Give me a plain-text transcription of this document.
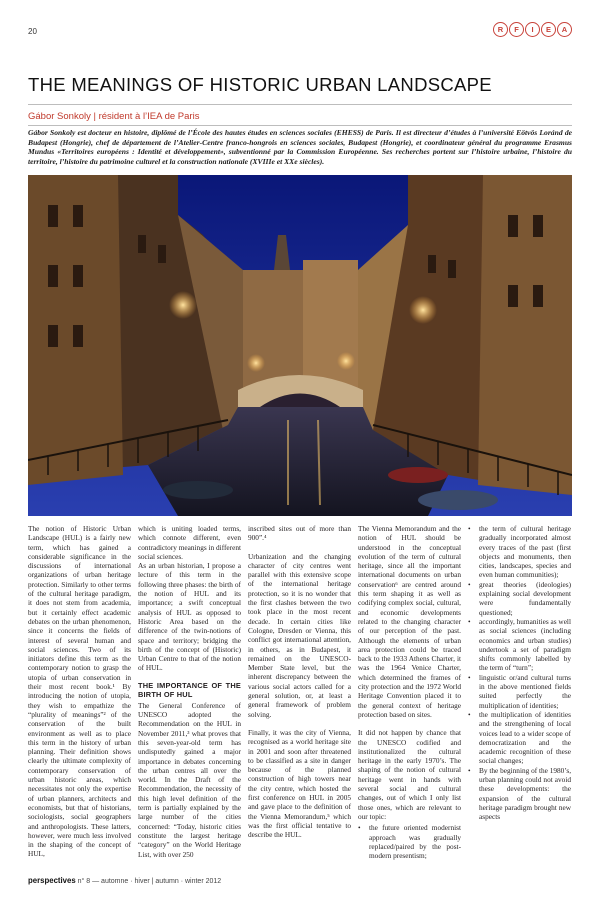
20	R	F	I	E	A
THE MEANINGS OF HISTORIC URBAN LANDSCAPE
Gábor Sonkoly | résident à l’IEA de Paris

Gábor Sonkoly est docteur en histoire, diplômé de l’École des hautes études en sciences sociales (EHESS) de Paris. Il est directeur d’études à l’université Eötvös Loránd de Budapest (Hongrie), chef de département de l’Atelier-Centre franco-hongrois en sciences sociales, Budapest (Hongrie), et coordinateur général du programme Erasmus Mundus «Territoires européens : Identité et développement», subventionné par la Commission Européenne. Ses recherches portent sur l’histoire urbaine, l’histoire du territoire, l’histoire du patrimoine culturel et la construction nationale (XVIIIe et XXe siècles).

The notion of Historic Urban Landscape (HUL) is a fairly new term, which has gained a considerable significance in the discussions of international organizations of urban heritage protection. Similarly to other terms of the cultural heritage paradigm, it does not stem from academia, but it certainly effect academic debates on the urban phenomenon, since it concerns the fields of interest of several human and social sciences. Two of its initiators define this term as the contemporary notion to grasp the utopia of urban conservation in their most recent book.¹ By introducing the notion of utopia, they wish to empathize the “plurality of meanings”² of the conservation of the built environment as well as to place this term in the history of urban planning. Their definition shows clearly the ultimate complexity of contemporary conservation of urban historic areas, which necessitates not only the expertise of urban planners, architects and economists, but that of historians, sociologists, social geographers and anthropologists. These latters, however, were much less involved in the shaping of the concept of HUL,

which is uniting loaded terms, which connote different, even contradictory meanings in different social sciences.

As an urban historian, I propose a lecture of this term in the following three phases: the birth of the notion of HUL and its importance; a swift conceptual analysis of HUL as opposed to Historic Area based on the difference of the twin-notions of space and territory; bridging the birth of the concept of (Historic) Urban Centre to that of the notion of HUL.

THE IMPORTANCE OF THE BIRTH OF HUL

The General Conference of UNESCO adopted the Recommendation on the HUL in November 2011,³ what proves that this seven-year-old term has undisputedly gained a major importance in debates concerning the urban centres all over the world. In the Draft of the Recommendation, the necessity of this high level definition of the term is partially explained by the large number of the cities concerned: “Today, historic cities constitute the largest heritage “category” on the World Heritage List, with over 250

inscribed sites out of more than 900”.⁴

Urbanization and the changing character of city centres went parallel with this extensive scope of the international heritage protection, so it is no wonder that the first clashes between the two took place in the most recent decade. In certain cities like Cologne, Dresden or Vienna, this conflict got international attention, in others, as in Budapest, it remained on the UNESCO-Member State level, but the inherent discrepancy between the various social actors called for a general solution, or, at least a general framework of problem solving.

Finally, it was the city of Vienna, recognised as a world heritage site in 2001 and soon after threatened to be classified as a site in danger because of the planned construction of high towers near the city centre, which hosted the first conference on HUL in 2005 and gave place to the definition of the Vienna Memorandum,⁵ which was the first official tentative to describe the HUL.

The Vienna Memorandum and the notion of HUL should be understood in the conceptual evolution of the term of cultural heritage, since all the important international documents on urban conservation⁶ are centred around this term shaping it as well as codifying complex social, cultural, and economic developments related to the changing character of our perception of the past. Although the elements of urban area protection could be traced back to the 1933 Athens Charter, it was the 1964 Venice Charter, which determined the frames of city protection and the 1972 World Heritage Convention placed it to the general context of heritage protection based on sites.

It did not happen by chance that the UNESCO codified and institutionalized the cultural heritage in the early 1970’s. The shaping of the notion of cultural heritage went in hands with several social and cultural changes, out of which I only list those ones, which are relevant to our topic:

• the future oriented modernist approach was gradually replaced/paired by the post-modern presentism;
• the term of cultural heritage gradually incorporated almost every traces of the past (first objects and monuments, then cities, landscapes, species and even human communities);
• great theories (ideologies) explaining social development were fundamentally questioned;
• accordingly, humanities as well as social sciences (including economics and urban studies) undertook a set of paradigm shifts commonly labelled by the term of “turn”;
• linguistic or/and cultural turns in the above mentioned fields suited perfectly the multiplication of identities;
• the multiplication of identities and the strengthening of local voices lead to a wider scope of democratization and the academic recognition of these social changes;
• By the beginning of the 1980’s, urban planning could not avoid these developments: the expansion of the cultural heritage paradigm brought new aspects
perspectives n° 8 — automne · hiver | autumn · winter 2012
